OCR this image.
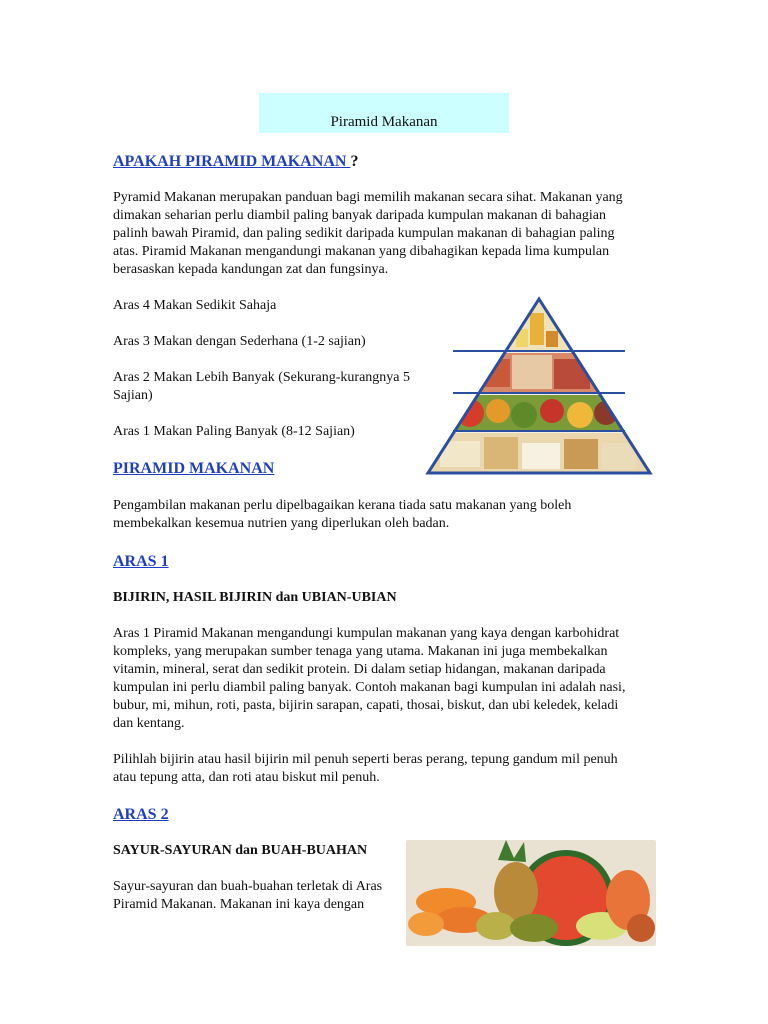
Piramid Makanan
APAKAH PIRAMID MAKANAN ?

Pyramid Makanan merupakan panduan bagi memilih makanan secara sihat. Makanan yang dimakan seharian perlu diambil paling banyak daripada kumpulan makanan di bahagian palinh bawah Piramid, dan paling sedikit daripada kumpulan makanan di bahagian paling atas. Piramid Makanan mengandungi makanan yang dibahagikan kepada lima kumpulan berasaskan kepada kandungan zat dan fungsinya.

Aras 4 Makan Sedikit Sahaja

Aras 3 Makan dengan Sederhana (1-2 sajian)

Aras 2 Makan Lebih Banyak (Sekurang-kurangnya 5 Sajian)

Aras 1 Makan Paling Banyak (8-12 Sajian)

PIRAMID MAKANAN

Pengambilan makanan perlu dipelbagaikan kerana tiada satu makanan yang boleh membekalkan kesemua nutrien yang diperlukan oleh badan.

ARAS 1

BIJIRIN, HASIL BIJIRIN dan UBIAN-UBIAN

Aras 1 Piramid Makanan mengandungi kumpulan makanan yang kaya dengan karbohidrat kompleks, yang merupakan sumber tenaga yang utama. Makanan ini juga membekalkan vitamin, mineral, serat dan sedikit protein. Di dalam setiap hidangan, makanan daripada kumpulan ini perlu diambil paling banyak. Contoh makanan bagi kumpulan ini adalah nasi, bubur, mi, mihun, roti, pasta, bijirin sarapan, capati, thosai, biskut, dan ubi keledek, keladi dan kentang.

Pilihlah bijirin atau hasil bijirin mil penuh seperti beras perang, tepung gandum mil penuh atau tepung atta, dan roti atau biskut mil penuh.

ARAS 2

SAYUR-SAYURAN dan BUAH-BUAHAN

Sayur-sayuran dan buah-buahan terletak di Aras Piramid Makanan. Makanan ini kaya dengan
